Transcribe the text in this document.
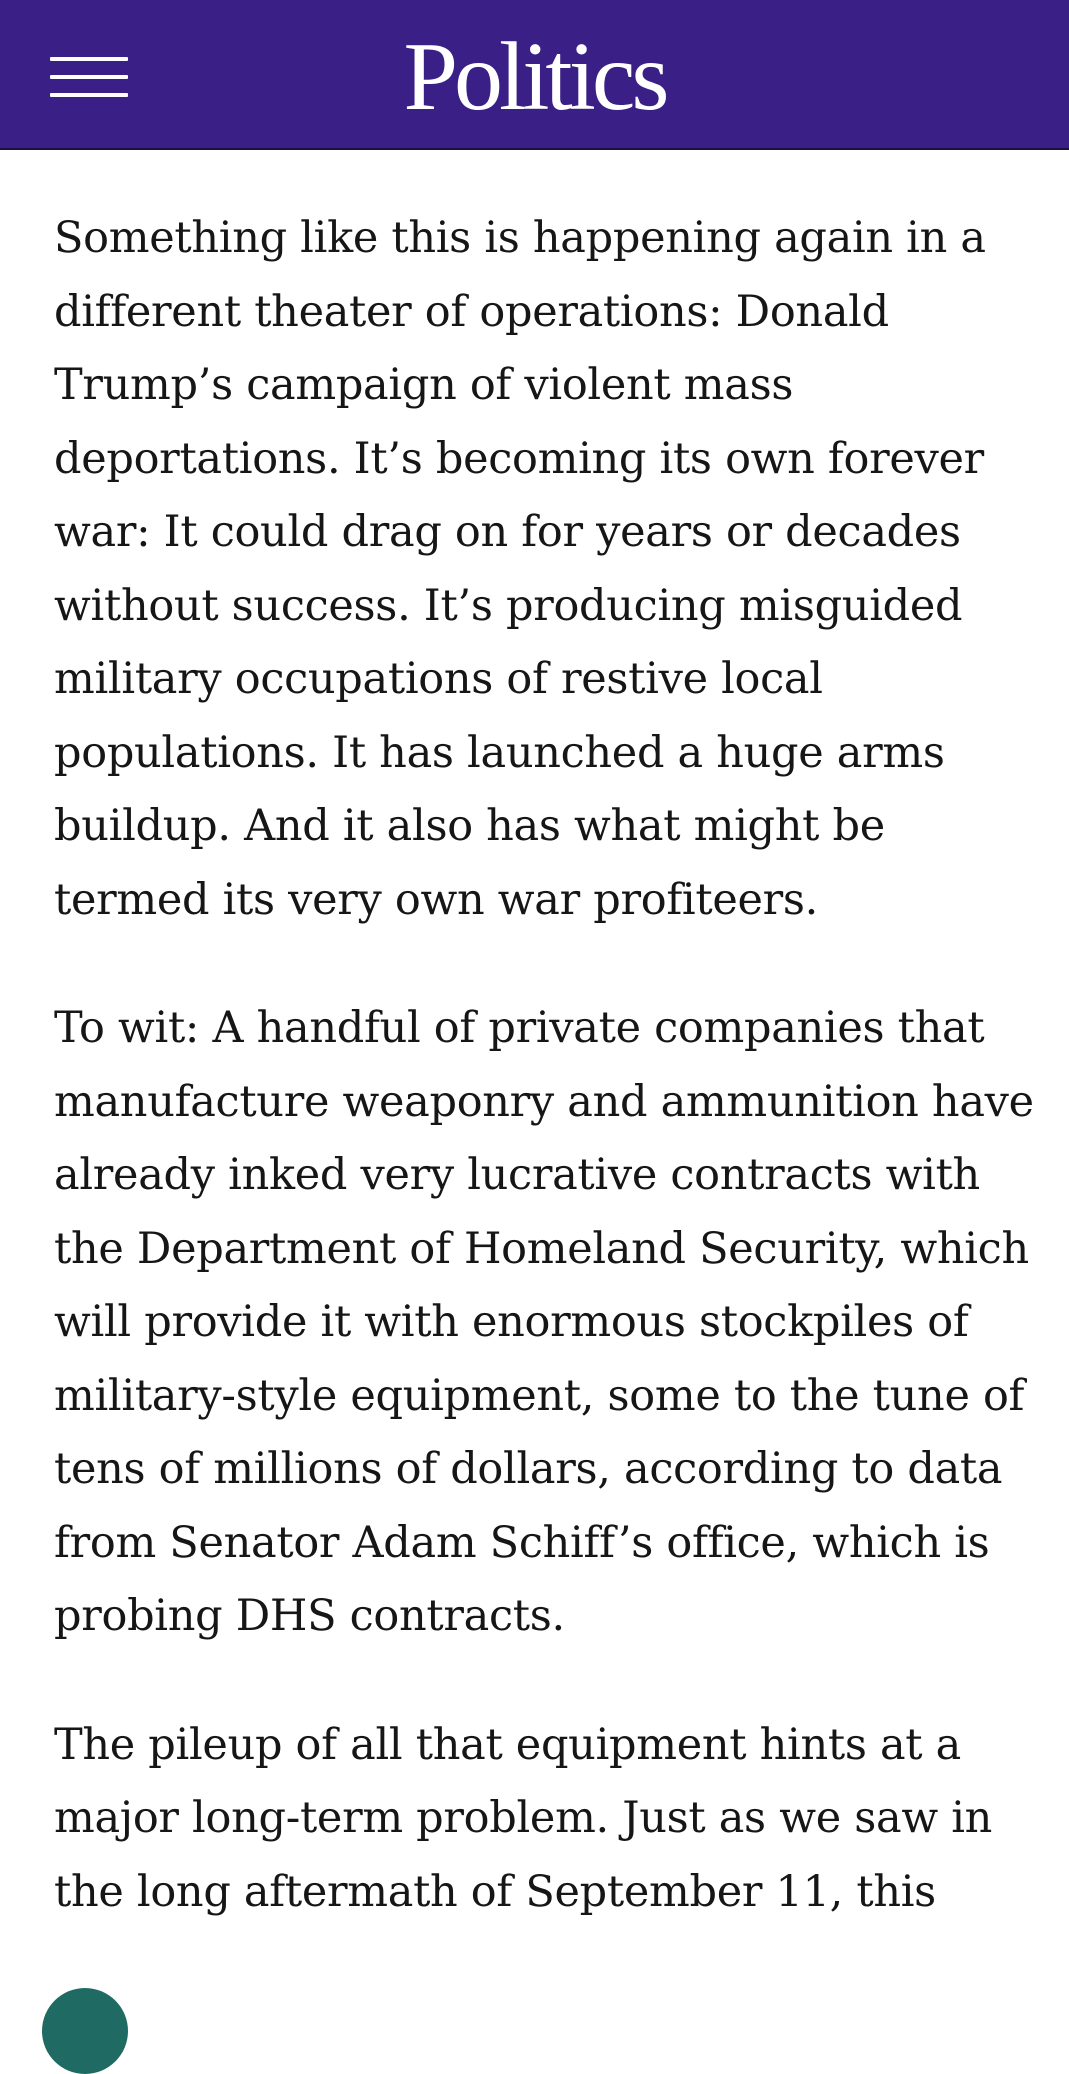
Politics

Something like this is happening again in a different theater of operations: Donald Trump’s campaign of violent mass deportations. It’s becoming its own forever war: It could drag on for years or decades without success. It’s producing misguided military occupations of restive local populations. It has launched a huge arms buildup. And it also has what might be termed its very own war profiteers.

To wit: A handful of private companies that manufacture weaponry and ammunition have already inked very lucrative contracts with the Department of Homeland Security, which will provide it with enormous stockpiles of military-style equipment, some to the tune of tens of millions of dollars, according to data from Senator Adam Schiff’s office, which is probing DHS contracts.

The pileup of all that equipment hints at a major long-term problem. Just as we saw in the long aftermath of September 11, this
